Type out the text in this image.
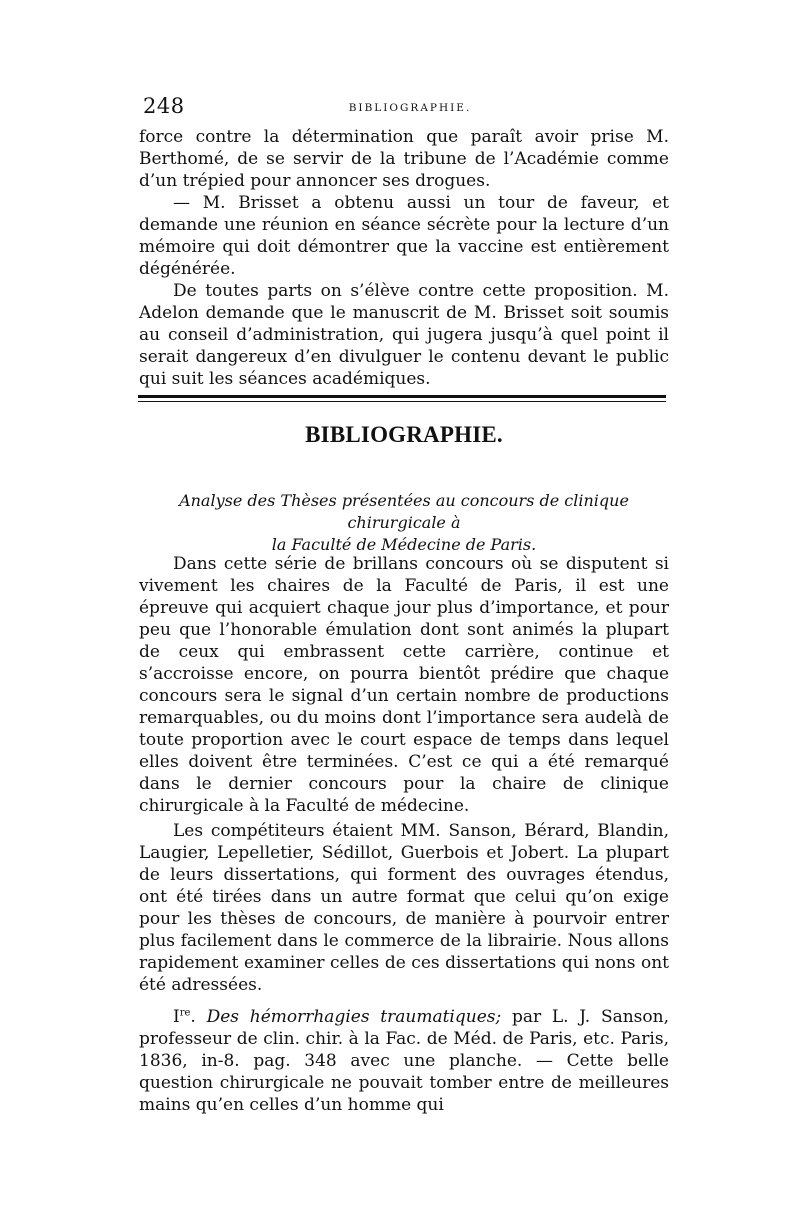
248	BIBLIOGRAPHIE.

force contre la détermination que paraît avoir prise M. Berthomé, de se servir de la tribune de l’Académie comme d’un trépied pour annoncer ses drogues.

— M. Brisset a obtenu aussi un tour de faveur, et demande une réunion en séance sécrète pour la lecture d’un mémoire qui doit démontrer que la vaccine est entièrement dégénérée.

De toutes parts on s’élève contre cette proposition. M. Adelon demande que le manuscrit de M. Brisset soit soumis au conseil d’administration, qui jugera jusqu’à quel point il serait dangereux d’en divulguer le contenu devant le public qui suit les séances académiques.

BIBLIOGRAPHIE.
Analyse des Thèses présentées au concours de clinique chirurgicale à
la Faculté de Médecine de Paris.

Dans cette série de brillans concours où se disputent si vivement les chaires de la Faculté de Paris, il est une épreuve qui acquiert chaque jour plus d’importance, et pour peu que l’honorable émulation dont sont animés la plupart de ceux qui embrassent cette carrière, continue et s’accroisse encore, on pourra bientôt prédire que chaque concours sera le signal d’un certain nombre de productions remarquables, ou du moins dont l’importance sera audelà de toute proportion avec le court espace de temps dans lequel elles doivent être terminées. C’est ce qui a été remarqué dans le dernier concours pour la chaire de clinique chirurgicale à la Faculté de médecine.

Les compétiteurs étaient MM. Sanson, Bérard, Blandin, Laugier, Lepelletier, Sédillot, Guerbois et Jobert. La plupart de leurs dissertations, qui forment des ouvrages étendus, ont été tirées dans un autre format que celui qu’on exige pour les thèses de concours, de manière à pourvoir entrer plus facilement dans le commerce de la librairie. Nous allons rapidement examiner celles de ces dissertations qui nons ont été adressées.

Ire. Des hémorrhagies traumatiques; par L. J. Sanson, professeur de clin. chir. à la Fac. de Méd. de Paris, etc. Paris, 1836, in-8. pag. 348 avec une planche. — Cette belle question chirurgicale ne pouvait tomber entre de meilleures mains qu’en celles d’un homme qui
